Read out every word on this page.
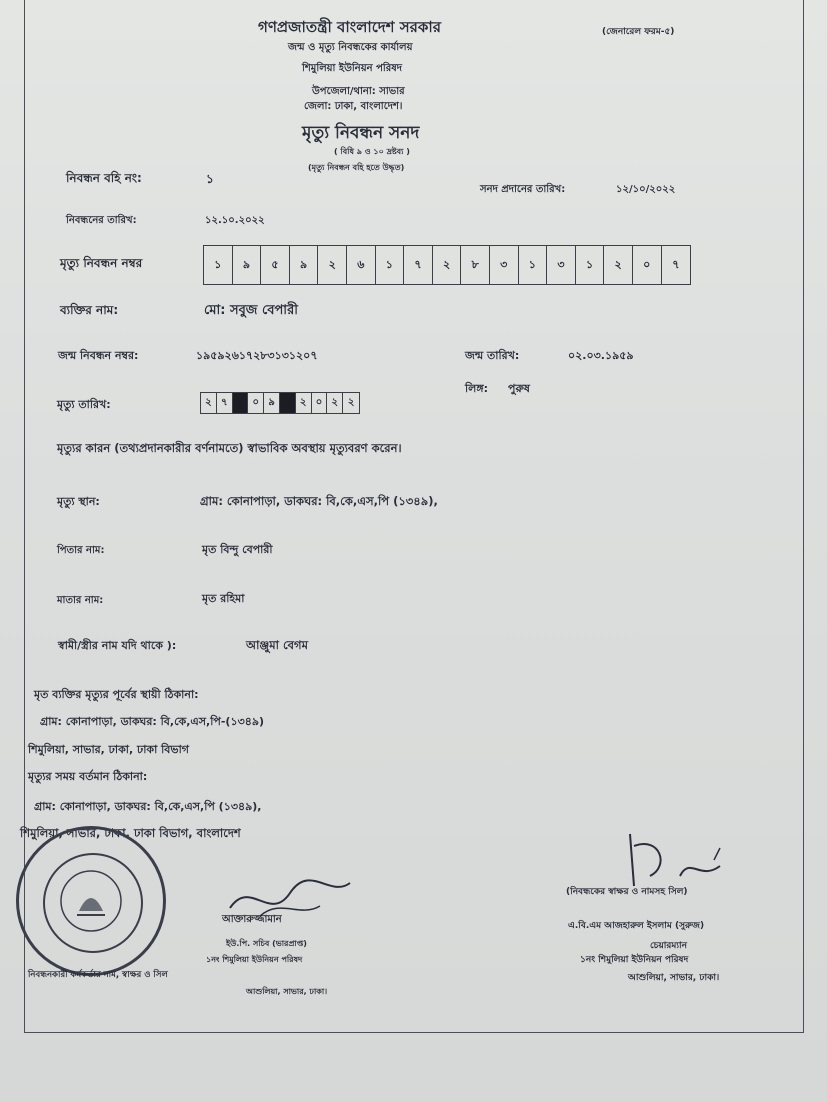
গণপ্রজাতন্ত্রী বাংলাদেশ সরকার	(জেনারেল ফরম-৫)
জন্ম ও মৃত্যু নিবন্ধকের কার্যালয়
শিমুলিয়া ইউনিয়ন পরিষদ
উপজেলা/থানা: সাভার
জেলা: ঢাকা, বাংলাদেশ।
মৃত্যু নিবন্ধন সনদ
( বিধি ৯ ও ১০ দ্রষ্টব্য )
(মৃত্যু নিবন্ধন বহি হতে উদ্ধৃত)
নিবন্ধন বহি নং:	১
সনদ প্রদানের তারিখ:	১২/১০/২০২২
নিবন্ধনের তারিখ:	১২.১০.২০২২
মৃত্যু নিবন্ধন নম্বর	১	৯	৫	৯	২	৬	১	৭	২	৮	৩	১	৩	১	২	০	৭
ব্যক্তির নাম:	মো: সবুজ বেপারী
জন্ম নিবন্ধন নম্বর:	১৯৫৯২৬১৭২৮৩১৩১২০৭	জন্ম তারিখ:	০২.০৩.১৯৫৯
মৃত্যু তারিখ:	২ ৭	০ ৯	২ ০ ২ ২
লিঙ্গ: পুরুষ
মৃত্যুর কারন (তথ্যপ্রদানকারীর বর্ণনামতে) স্বাভাবিক অবস্থায় মৃত্যুবরণ করেন।
মৃত্যু স্থান:	গ্রাম: কোনাপাড়া, ডাকঘর: বি,কে,এস,পি (১৩৪৯),
পিতার নাম:	মৃত বিন্দু বেপারী
মাতার নাম:	মৃত রহিমা
স্বামী/স্ত্রীর নাম যদি থাকে ):	আঞ্জুমা বেগম
মৃত ব্যক্তির মৃত্যুর পূর্বের স্থায়ী ঠিকানা:
গ্রাম: কোনাপাড়া, ডাকঘর: বি,কে,এস,পি-(১৩৪৯)
শিমুলিয়া, সাভার, ঢাকা, ঢাকা বিভাগ
মৃত্যুর সময় বর্তমান ঠিকানা:
গ্রাম: কোনাপাড়া, ডাকঘর: বি,কে,এস,পি (১৩৪৯),
শিমুলিয়া, সাভার, ঢাকা, ঢাকা বিভাগ, বাংলাদেশ
আক্তারুজ্জামান
ইউ.পি. সচিব (ভারপ্রাপ্ত)
১নং শিমুলিয়া ইউনিয়ন পরিষদ
আশুলিয়া, সাভার, ঢাকা।
নিবন্ধনকারী কর্মকর্তার নাম, স্বাক্ষর ও সিল
(নিবন্ধকের স্বাক্ষর ও নামসহ সিল)
এ.বি.এম আজহারুল ইসলাম (সুরুজ)
চেয়ারম্যান
১নং শিমুলিয়া ইউনিয়ন পরিষদ
আশুলিয়া, সাভার, ঢাকা।
